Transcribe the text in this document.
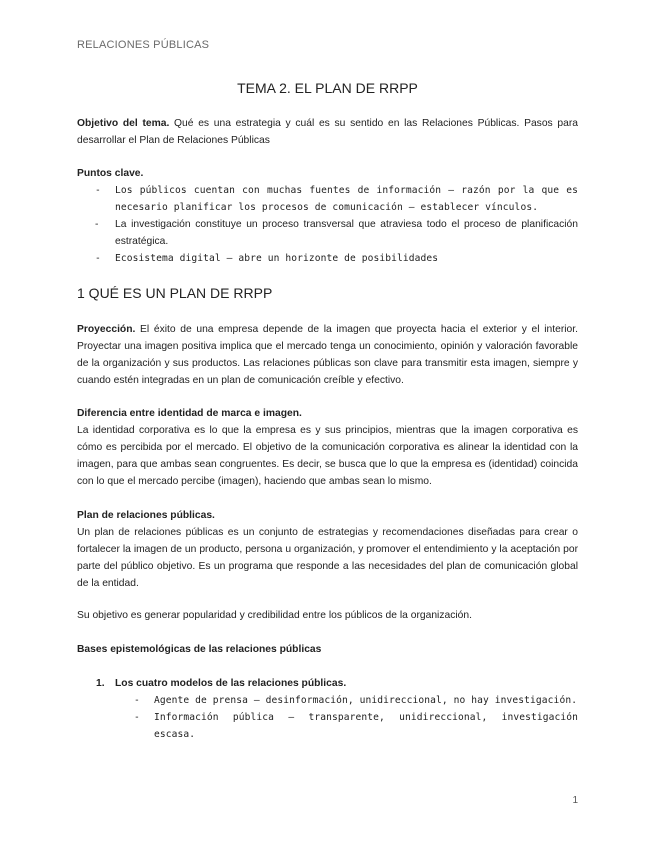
RELACIONES PÚBLICAS
TEMA 2. EL PLAN DE RRPP
Objetivo del tema. Qué es una estrategia y cuál es su sentido en las Relaciones Públicas. Pasos para desarrollar el Plan de Relaciones Públicas
Puntos clave.
- Los públicos cuentan con muchas fuentes de información – razón por la que es necesario planificar los procesos de comunicación – establecer vínculos.
- La investigación constituye un proceso transversal que atraviesa todo el proceso de planificación estratégica.
- Ecosistema digital – abre un horizonte de posibilidades
1 QUÉ ES UN PLAN DE RRPP
Proyección. El éxito de una empresa depende de la imagen que proyecta hacia el exterior y el interior. Proyectar una imagen positiva implica que el mercado tenga un conocimiento, opinión y valoración favorable de la organización y sus productos. Las relaciones públicas son clave para transmitir esta imagen, siempre y cuando estén integradas en un plan de comunicación creíble y efectivo.
Diferencia entre identidad de marca e imagen.
La identidad corporativa es lo que la empresa es y sus principios, mientras que la imagen corporativa es cómo es percibida por el mercado. El objetivo de la comunicación corporativa es alinear la identidad con la imagen, para que ambas sean congruentes. Es decir, se busca que lo que la empresa es (identidad) coincida con lo que el mercado percibe (imagen), haciendo que ambas sean lo mismo.
Plan de relaciones públicas.
Un plan de relaciones públicas es un conjunto de estrategias y recomendaciones diseñadas para crear o fortalecer la imagen de un producto, persona u organización, y promover el entendimiento y la aceptación por parte del público objetivo. Es un programa que responde a las necesidades del plan de comunicación global de la entidad.
Su objetivo es generar popularidad y credibilidad entre los públicos de la organización.
Bases epistemológicas de las relaciones públicas
1. Los cuatro modelos de las relaciones públicas.
- Agente de prensa – desinformación, unidireccional, no hay investigación.
- Información pública – transparente, unidireccional, investigación escasa.
1
